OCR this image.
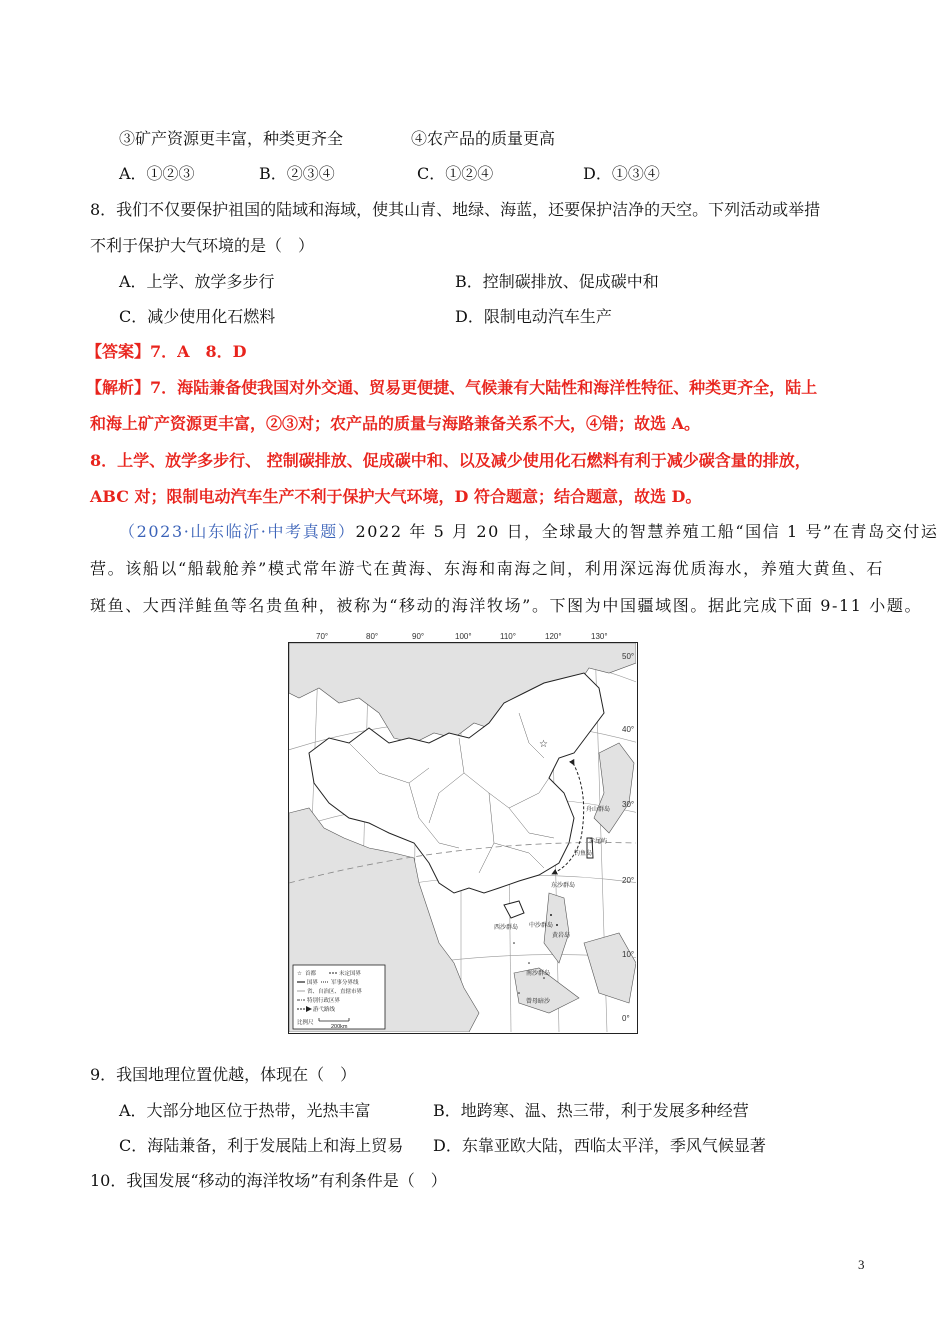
③矿产资源更丰富，种类更齐全	④农产品的质量更高
A．①②③	B．②③④	C．①②④	D．①③④
8．我们不仅要保护祖国的陆域和海域，使其山青、地绿、海蓝，还要保护洁净的天空。下列活动或举措
不利于保护大气环境的是（　）
A．上学、放学多步行	B．控制碳排放、促成碳中和
C．减少使用化石燃料	D．限制电动汽车生产
【答案】7．A　8．D
【解析】7．海陆兼备使我国对外交通、贸易更便捷、气候兼有大陆性和海洋性特征、种类更齐全，陆上
和海上矿产资源更丰富，②③对；农产品的质量与海路兼备关系不大，④错；故选 A。
8．上学、放学多步行、 控制碳排放、促成碳中和、以及减少使用化石燃料有利于减少碳含量的排放，
ABC 对；限制电动汽车生产不利于保护大气环境，D 符合题意；结合题意，故选 D。
（2023·山东临沂·中考真题）2022 年 5 月 20 日，全球最大的智慧养殖工船“国信 1 号”在青岛交付运
营。该船以“船载舱养”模式常年游弋在黄海、东海和南海之间，利用深远海优质海水，养殖大黄鱼、石
斑鱼、大西洋鲑鱼等名贵鱼种，被称为“移动的海洋牧场”。下图为中国疆域图。据此完成下面 9-11 小题。
70°	80°	90°	100°	110°	120°	130°
☆
舟山群岛
赤尾屿
钓鱼岛
东沙群岛
西沙群岛 中沙群岛
黄岩岛
南沙群岛
曾母暗沙
☆ 首都	未定国界
国界 军事分界线
省、自治区、直辖市界
特别行政区界
游弋路线
比例尺
200km
50°
40°
30°
20°
10°
0°
9．我国地理位置优越，体现在（　）
A．大部分地区位于热带，光热丰富	B．地跨寒、温、热三带，利于发展多种经营
C．海陆兼备，利于发展陆上和海上贸易 D．东靠亚欧大陆，西临太平洋，季风气候显著
10．我国发展“移动的海洋牧场”有利条件是（　）
3
